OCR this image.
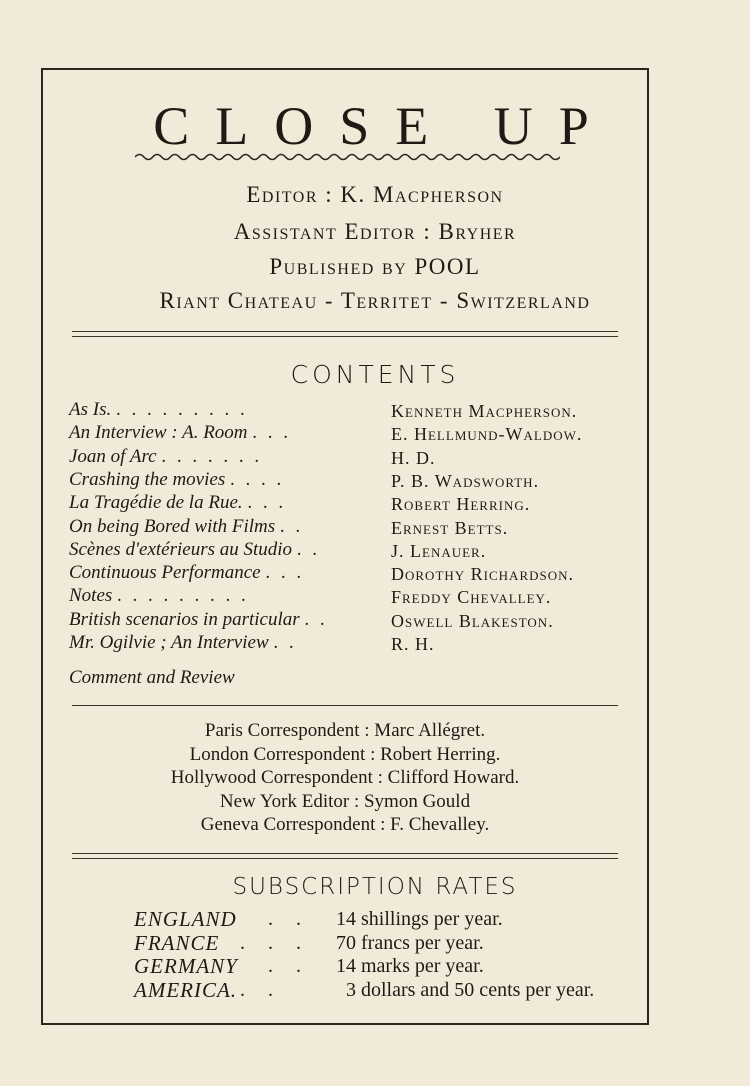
CLOSE UP
Editor : K. Macpherson
Assistant Editor : Bryher
Published by POOL
Riant Chateau - Territet - Switzerland
CONTENTS
As Is. . . . . . . . . .	Kenneth Macpherson.
An Interview : A. Room . . .	E. Hellmund-Waldow.
Joan of Arc . . . . . . .	H. D.
Crashing the movies . . . .	P. B. Wadsworth.
La Tragédie de la Rue. . . .	Robert Herring.
On being Bored with Films . .	Ernest Betts.
Scènes d'extérieurs au Studio . .	J. Lenauer.
Continuous Performance . . .	Dorothy Richardson.
Notes . . . . . . . . .	Freddy Chevalley.
British scenarios in particular . .	Oswell Blakeston.
Mr. Ogilvie ; An Interview . .	R. H.
Comment and Review
Paris Correspondent : Marc Allégret.
London Correspondent : Robert Herring.
Hollywood Correspondent : Clifford Howard.
New York Editor : Symon Gould
Geneva Correspondent : F. Chevalley.
SUBSCRIPTION RATES
ENGLAND . . 14 shillings per year.
FRANCE . . . 70 francs per year.
GERMANY . . 14 marks per year.
AMERICA. . .	3 dollars and 50 cents per year.
